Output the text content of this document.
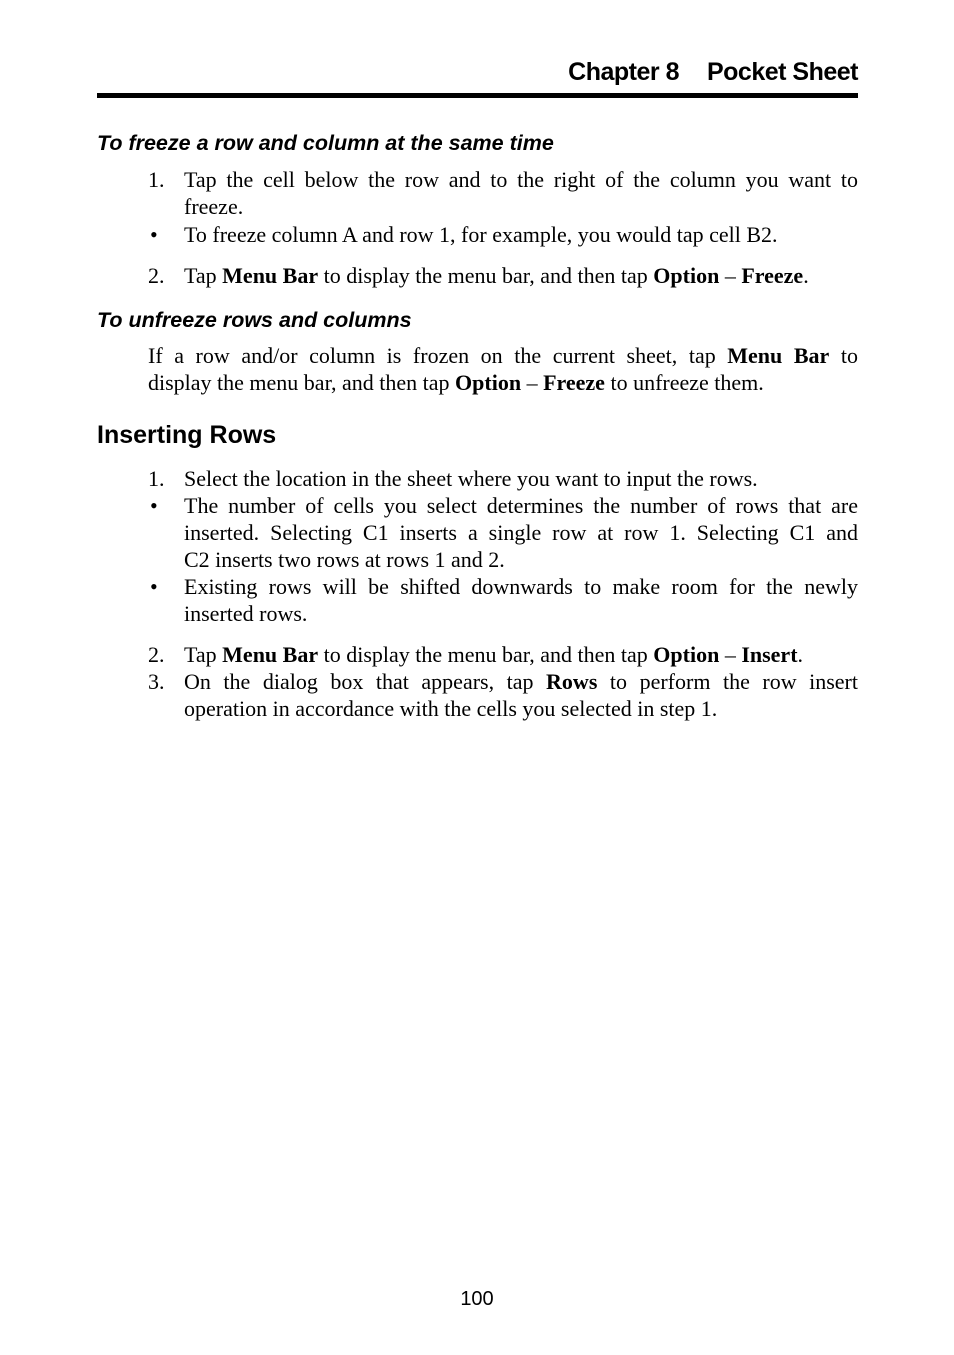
Chapter 8 Pocket Sheet
To freeze a row and column at the same time
1. Tap the cell below the row and to the right of the column you want to
freeze.
• To freeze column A and row 1, for example, you would tap cell B2.
2. Tap Menu Bar to display the menu bar, and then tap Option – Freeze.
To unfreeze rows and columns
If a row and/or column is frozen on the current sheet, tap Menu Bar to
display the menu bar, and then tap Option – Freeze to unfreeze them.
Inserting Rows
1. Select the location in the sheet where you want to input the rows.
• The number of cells you select determines the number of rows that are
inserted. Selecting C1 inserts a single row at row 1. Selecting C1 and
C2 inserts two rows at rows 1 and 2.
• Existing rows will be shifted downwards to make room for the newly
inserted rows.
2. Tap Menu Bar to display the menu bar, and then tap Option – Insert.
3. On the dialog box that appears, tap Rows to perform the row insert
operation in accordance with the cells you selected in step 1.
100
